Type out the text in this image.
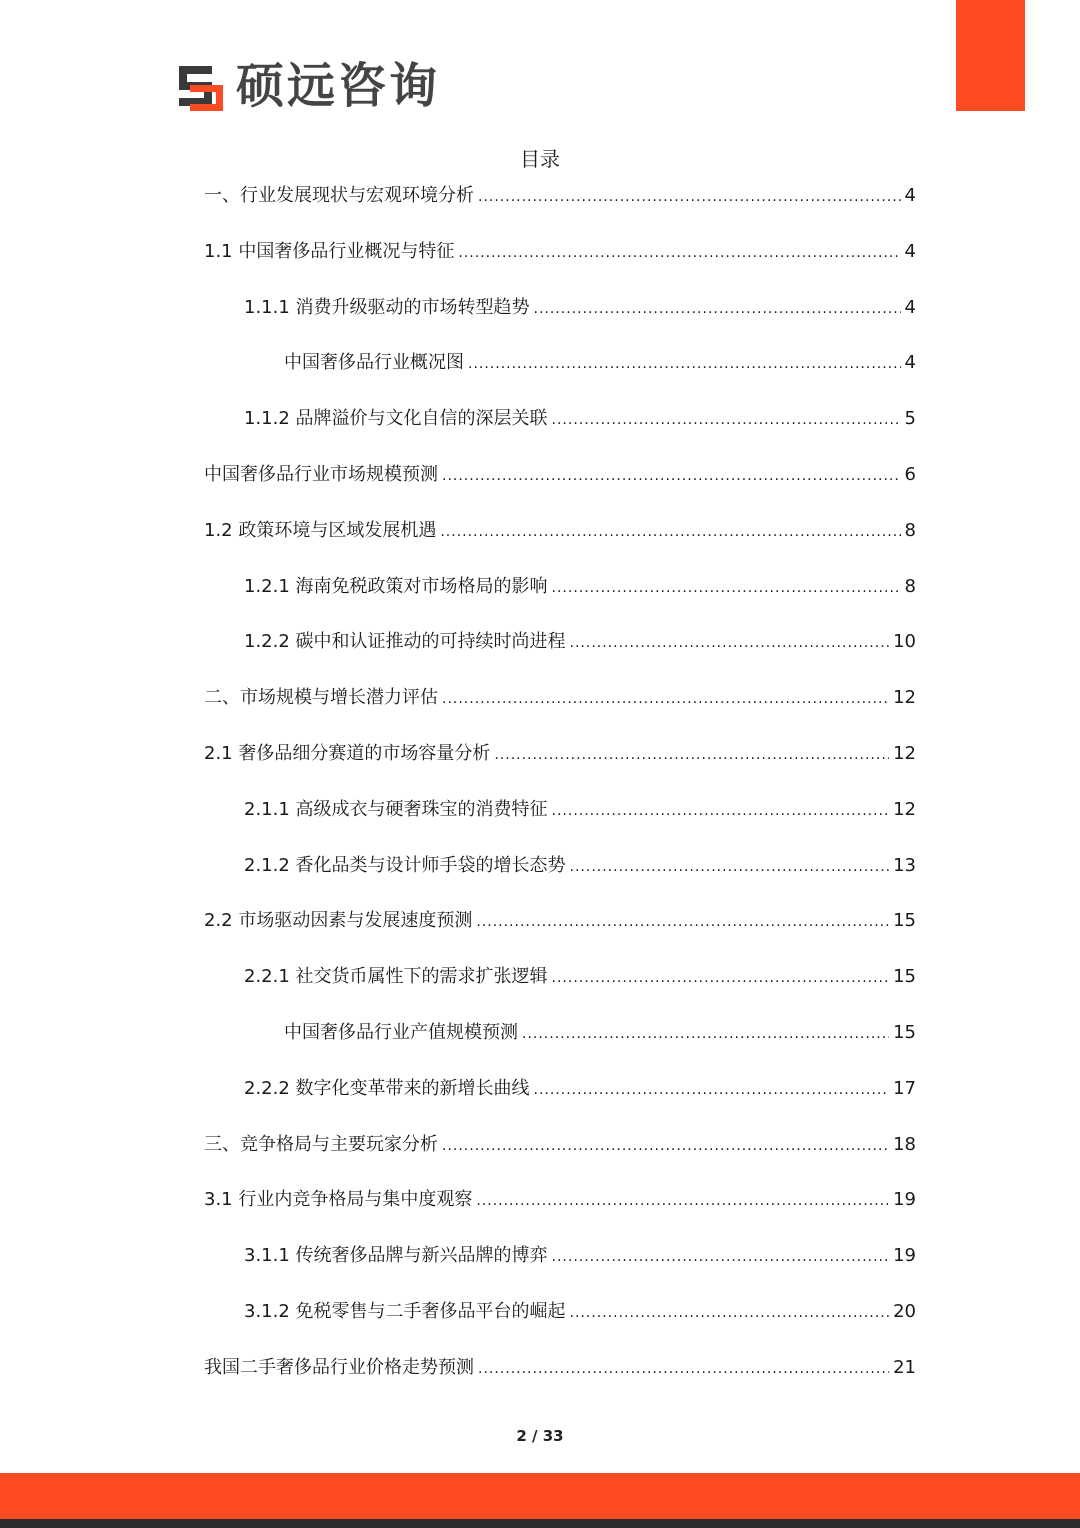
硕远咨询
目录
一、行业发展现状与宏观环境分析 .....	4
1.1 中国奢侈品行业概况与特征 .....	4
1.1.1 消费升级驱动的市场转型趋势 .....	4
中国奢侈品行业概况图 .....	4
1.1.2 品牌溢价与文化自信的深层关联 .....	5
中国奢侈品行业市场规模预测 .....	6
1.2 政策环境与区域发展机遇 .....	8
1.2.1 海南免税政策对市场格局的影响 .....	8
1.2.2 碳中和认证推动的可持续时尚进程 .....	10
二、市场规模与增长潜力评估 .....	12
2.1 奢侈品细分赛道的市场容量分析 .....	12
2.1.1 高级成衣与硬奢珠宝的消费特征 .....	12
2.1.2 香化品类与设计师手袋的增长态势 .....	13
2.2 市场驱动因素与发展速度预测 .....	15
2.2.1 社交货币属性下的需求扩张逻辑 .....	15
中国奢侈品行业产值规模预测 .....	15
2.2.2 数字化变革带来的新增长曲线 .....	17
三、竞争格局与主要玩家分析 .....	18
3.1 行业内竞争格局与集中度观察 .....	19
3.1.1 传统奢侈品牌与新兴品牌的博弈 .....	19
3.1.2 免税零售与二手奢侈品平台的崛起 .....	20
我国二手奢侈品行业价格走势预测 .....	21
2 / 33
